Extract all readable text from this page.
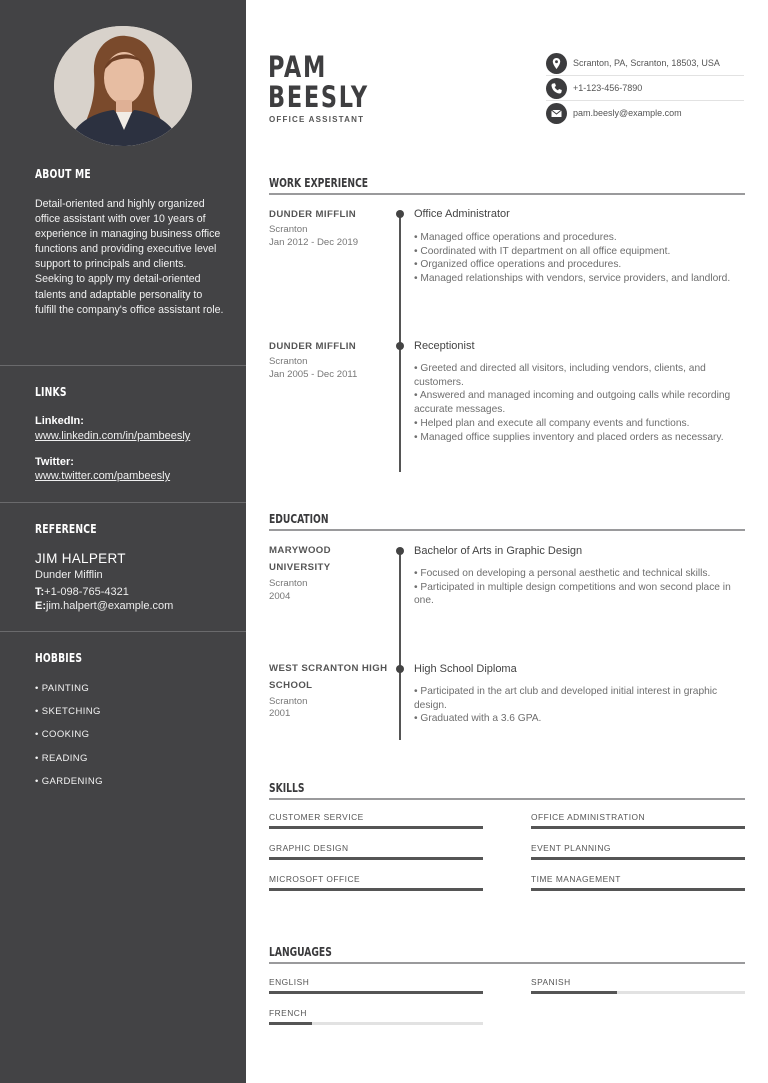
ABOUT ME
Detail-oriented and highly organized office assistant with over 10 years of experience in managing business office functions and providing executive level support to principals and clients. Seeking to apply my detail-oriented talents and adaptable personality to fulfill the company's office assistant role.
LINKS
LinkedIn:
www.linkedin.com/in/pambeesly
Twitter:
www.twitter.com/pambeesly
REFERENCE
JIM HALPERT
Dunder Mifflin
T:+1-098-765-4321
E:jim.halpert@example.com
HOBBIES
• PAINTING
• SKETCHING
• COOKING
• READING
• GARDENING
PAM
BEESLY
OFFICE ASSISTANT
Scranton, PA, Scranton, 18503, USA
+1-123-456-7890
pam.beesly@example.com
WORK EXPERIENCE
DUNDER MIFFLIN
Scranton
Jan 2012 - Dec 2019
Office Administrator
• Managed office operations and procedures.
• Coordinated with IT department on all office equipment.
• Organized office operations and procedures.
• Managed relationships with vendors, service providers, and landlord.
DUNDER MIFFLIN
Scranton
Jan 2005 - Dec 2011
Receptionist
• Greeted and directed all visitors, including vendors, clients, and customers.
• Answered and managed incoming and outgoing calls while recording accurate messages.
• Helped plan and execute all company events and functions.
• Managed office supplies inventory and placed orders as necessary.
EDUCATION
MARYWOOD UNIVERSITY
Scranton
2004
Bachelor of Arts in Graphic Design
• Focused on developing a personal aesthetic and technical skills.
• Participated in multiple design competitions and won second place in one.
WEST SCRANTON HIGH SCHOOL
Scranton
2001
High School Diploma
• Participated in the art club and developed initial interest in graphic design.
• Graduated with a 3.6 GPA.
SKILLS
CUSTOMER SERVICE	OFFICE ADMINISTRATION
GRAPHIC DESIGN	EVENT PLANNING
MICROSOFT OFFICE	TIME MANAGEMENT
LANGUAGES
ENGLISH	SPANISH
FRENCH
